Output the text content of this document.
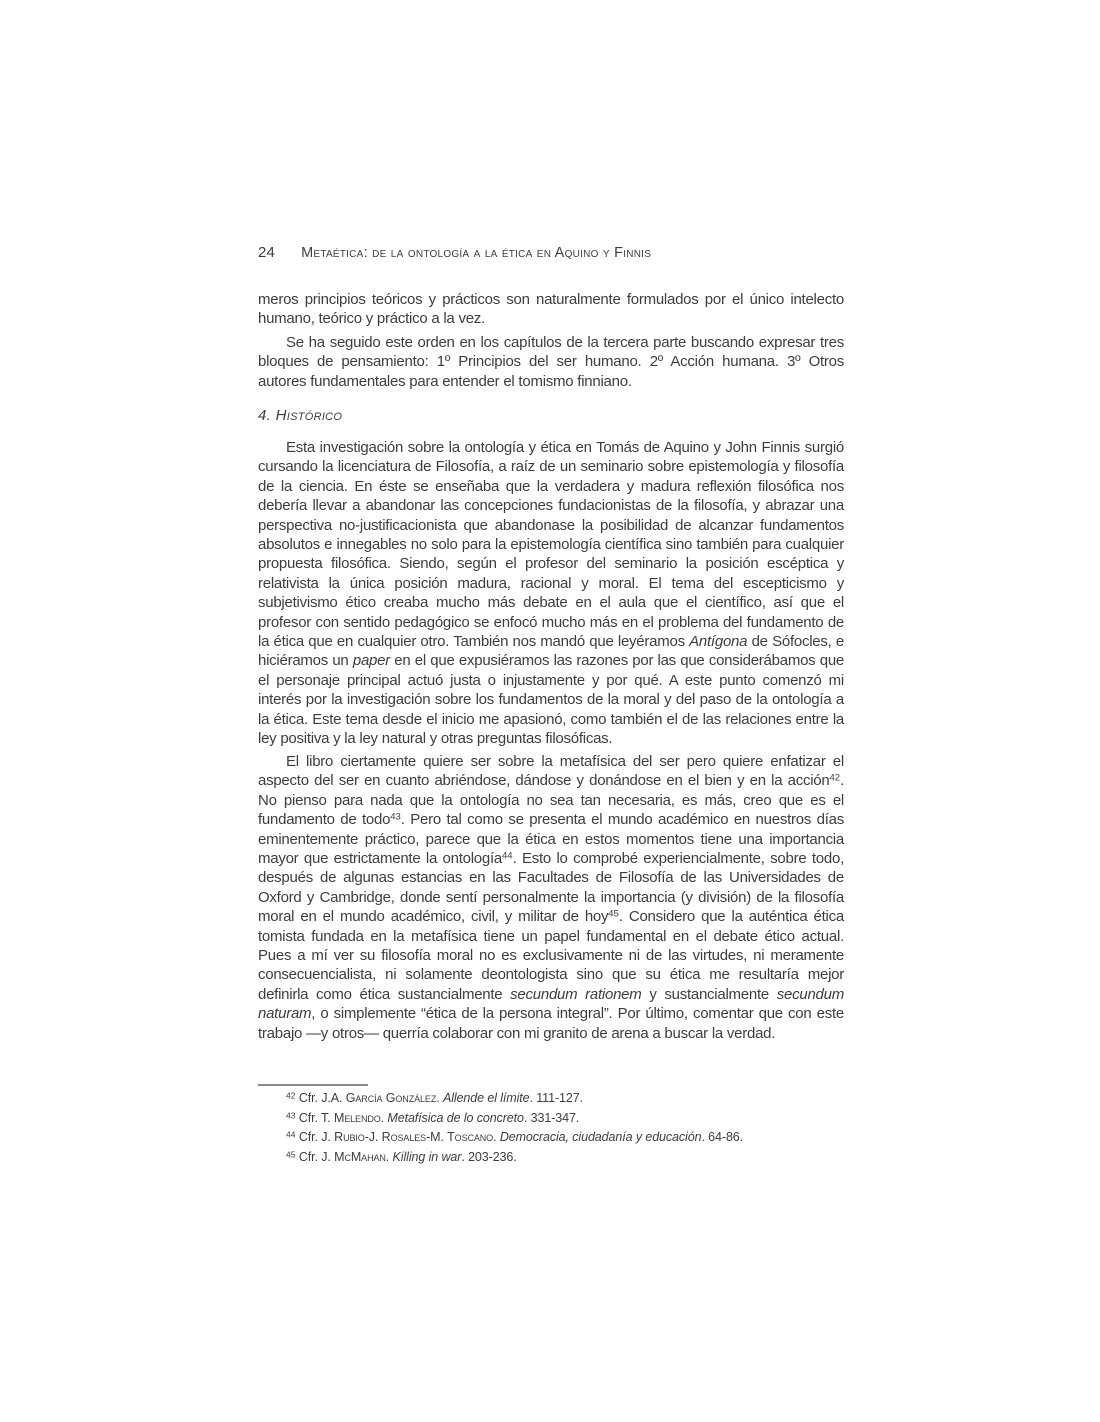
24 Metaética: de la ontología a la ética en Aquino y Finnis
meros principios teóricos y prácticos son naturalmente formulados por el único intelecto humano, teórico y práctico a la vez.
Se ha seguido este orden en los capítulos de la tercera parte buscando expresar tres bloques de pensamiento: 1º Principios del ser humano. 2º Acción humana. 3º Otros autores fundamentales para entender el tomismo finniano.
4. Histórico
Esta investigación sobre la ontología y ética en Tomás de Aquino y John Finnis surgió cursando la licenciatura de Filosofía, a raíz de un seminario sobre epistemología y filosofía de la ciencia. En éste se enseñaba que la verdadera y madura reflexión filosófica nos debería llevar a abandonar las concepciones fundacionistas de la filosofía, y abrazar una perspectiva no-justificacionista que abandonase la posibilidad de alcanzar fundamentos absolutos e innegables no solo para la epistemología científica sino también para cualquier propuesta filosófica. Siendo, según el profesor del seminario la posición escéptica y relativista la única posición madura, racional y moral. El tema del escepticismo y subjetivismo ético creaba mucho más debate en el aula que el científico, así que el profesor con sentido pedagógico se enfocó mucho más en el problema del fundamento de la ética que en cualquier otro. También nos mandó que leyéramos Antígona de Sófocles, e hiciéramos un paper en el que expusiéramos las razones por las que considerábamos que el personaje principal actuó justa o injustamente y por qué. A este punto comenzó mi interés por la investigación sobre los fundamentos de la moral y del paso de la ontología a la ética. Este tema desde el inicio me apasionó, como también el de las relaciones entre la ley positiva y la ley natural y otras preguntas filosóficas.
El libro ciertamente quiere ser sobre la metafísica del ser pero quiere enfatizar el aspecto del ser en cuanto abriéndose, dándose y donándose en el bien y en la acción$^{42}$. No pienso para nada que la ontología no sea tan necesaria, es más, creo que es el fundamento de todo$^{43}$. Pero tal como se presenta el mundo académico en nuestros días eminentemente práctico, parece que la ética en estos momentos tiene una importancia mayor que estrictamente la ontología$^{44}$. Esto lo comprobé experiencialmente, sobre todo, después de algunas estancias en las Facultades de Filosofía de las Universidades de Oxford y Cambridge, donde sentí personalmente la importancia (y división) de la filosofía moral en el mundo académico, civil, y militar de hoy$^{45}$. Considero que la auténtica ética tomista fundada en la metafísica tiene un papel fundamental en el debate ético actual. Pues a mí ver su filosofía moral no es exclusivamente ni de las virtudes, ni meramente consecuencialista, ni solamente deontologista sino que su ética me resultaría mejor definirla como ética sustancialmente secundum rationem y sustancialmente secundum naturam, o simplemente “ética de la persona integral”. Por último, comentar que con este trabajo —y otros— querría colaborar con mi granito de arena a buscar la verdad.
$^{42}$ Cfr. J.A. García González. Allende el límite. 111-127.
$^{43}$ Cfr. T. Melendo. Metafísica de lo concreto. 331-347.
$^{44}$ Cfr. J. Rubio-J. Rosales-M. Toscano. Democracia, ciudadanía y educación. 64-86.
$^{45}$ Cfr. J. McMahan. Killing in war. 203-236.
